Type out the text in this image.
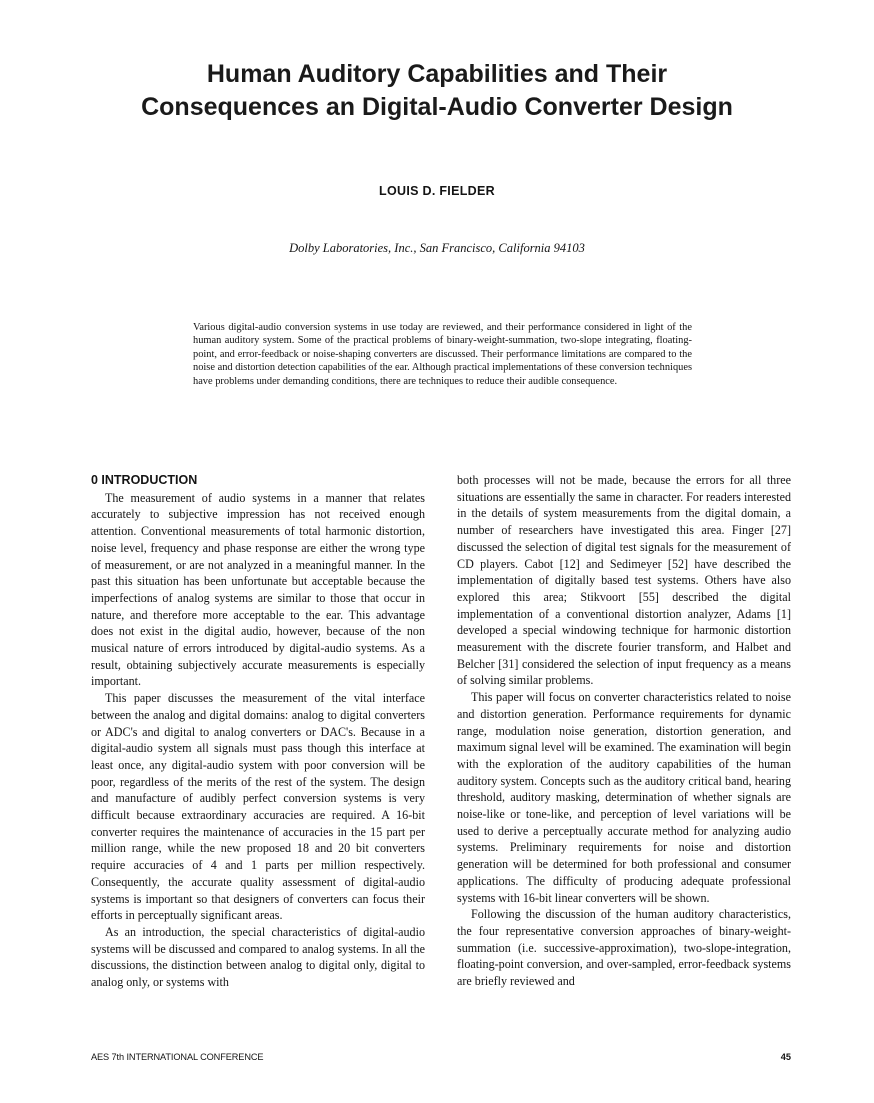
Human Auditory Capabilities and Their
Consequences an Digital-Audio Converter Design
LOUIS D. FIELDER
Dolby Laboratories, Inc., San Francisco, California 94103
Various digital-audio conversion systems in use today are reviewed, and their performance considered in light of the human auditory system. Some of the practical problems of binary-weight-summation, two-slope integrating, floating-point, and error-feedback or noise-shaping converters are discussed. Their performance limitations are compared to the noise and distortion detection capabilities of the ear. Although practical implementations of these conversion techniques have problems under demanding conditions, there are techniques to reduce their audible consequence.
0 INTRODUCTION

The measurement of audio systems in a manner that relates accurately to subjective impression has not received enough attention. Conventional measurements of total harmonic distortion, noise level, frequency and phase response are either the wrong type of measurement, or are not analyzed in a meaningful manner. In the past this situation has been unfortunate but acceptable because the imperfections of analog systems are similar to those that occur in nature, and therefore more acceptable to the ear. This advantage does not exist in the digital audio, however, because of the non musical nature of errors introduced by digital-audio systems. As a result, obtaining subjectively accurate measurements is especially important.

This paper discusses the measurement of the vital interface between the analog and digital domains: analog to digital converters or ADC's and digital to analog converters or DAC's. Because in a digital-audio system all signals must pass though this interface at least once, any digital-audio system with poor conversion will be poor, regardless of the merits of the rest of the system. The design and manufacture of audibly perfect conversion systems is very difficult because extraordinary accuracies are required. A 16-bit converter requires the maintenance of accuracies in the 15 part per million range, while the new proposed 18 and 20 bit converters require accuracies of 4 and 1 parts per million respectively. Consequently, the accurate quality assessment of digital-audio systems is important so that designers of converters can focus their efforts in perceptually significant areas.

As an introduction, the special characteristics of digital-audio systems will be discussed and compared to analog systems. In all the discussions, the distinction between analog to digital only, digital to analog only, or systems with

both processes will not be made, because the errors for all three situations are essentially the same in character. For readers interested in the details of system measurements from the digital domain, a number of researchers have investigated this area. Finger [27] discussed the selection of digital test signals for the measurement of CD players. Cabot [12] and Sedimeyer [52] have described the implementation of digitally based test systems. Others have also explored this area; Stikvoort [55] described the digital implementation of a conventional distortion analyzer, Adams [1] developed a special windowing technique for harmonic distortion measurement with the discrete fourier transform, and Halbet and Belcher [31] considered the selection of input frequency as a means of solving similar problems.

This paper will focus on converter characteristics related to noise and distortion generation. Performance requirements for dynamic range, modulation noise generation, distortion generation, and maximum signal level will be examined. The examination will begin with the exploration of the auditory capabilities of the human auditory system. Concepts such as the auditory critical band, hearing threshold, auditory masking, determination of whether signals are noise-like or tone-like, and perception of level variations will be used to derive a perceptually accurate method for analyzing audio systems. Preliminary requirements for noise and distortion generation will be determined for both professional and consumer applications. The difficulty of producing adequate professional systems with 16-bit linear converters will be shown.

Following the discussion of the human auditory characteristics, the four representative conversion approaches of binary-weight-summation (i.e. successive-approximation), two-slope-integration, floating-point conversion, and over-sampled, error-feedback systems are briefly reviewed and

AES 7th INTERNATIONAL CONFERENCE	45
